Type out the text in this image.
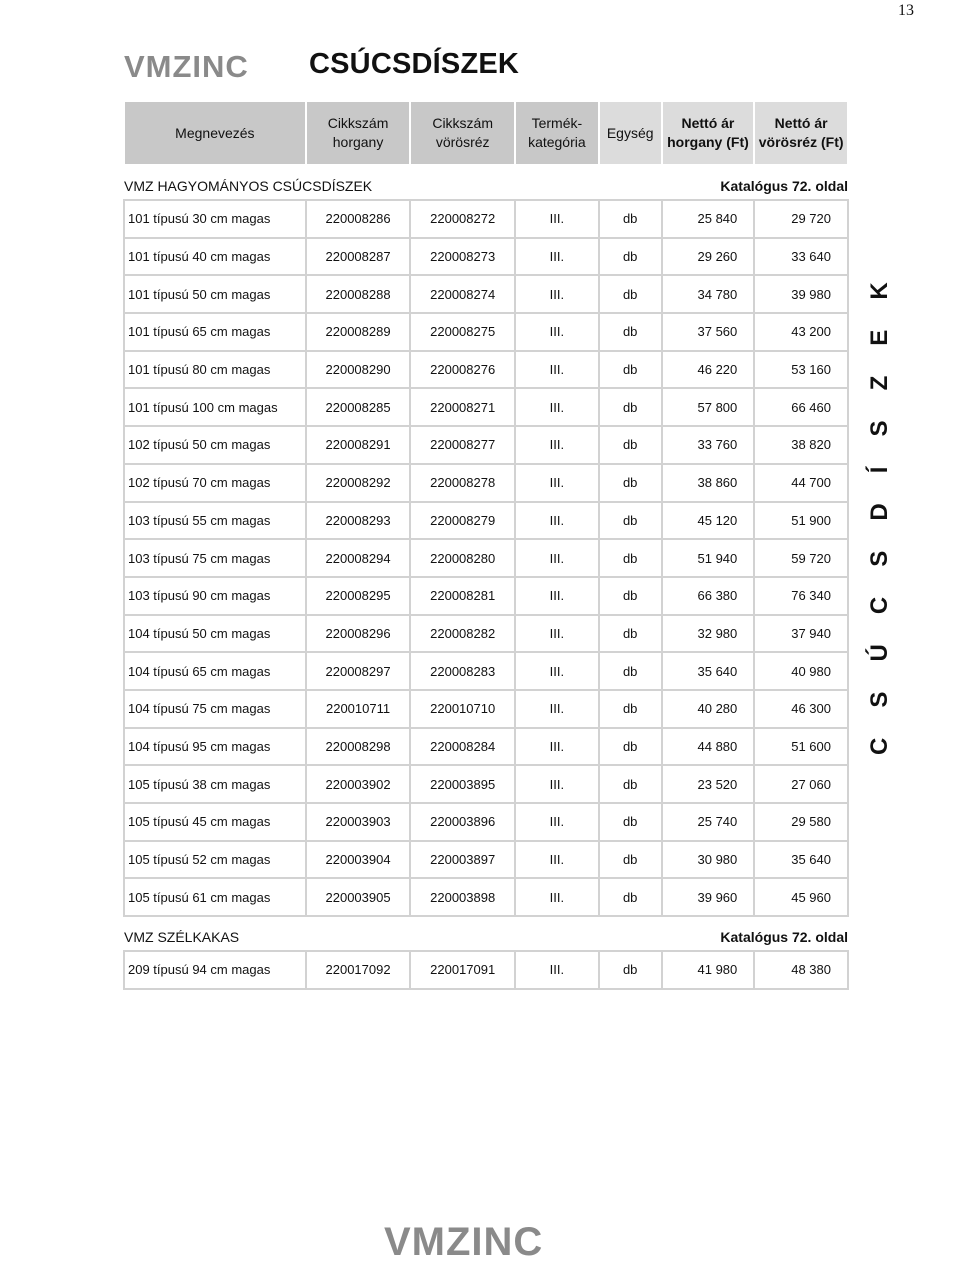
13
VMZINC CSÚCSDÍSZEK
Megnevezés	Cikkszám horgany	Cikkszám vörösréz	Termék-kategória	Egység	Nettó ár horgany (Ft)	Nettó ár vörösréz (Ft)
VMZ HAGYOMÁNYOS CSÚCSDÍSZEK				Katalógus 72. oldal		
101 típusú 30 cm magas	220008286	220008272	III.	db	25 840	29 720
101 típusú 40 cm magas	220008287	220008273	III.	db	29 260	33 640
101 típusú 50 cm magas	220008288	220008274	III.	db	34 780	39 980
101 típusú 65 cm magas	220008289	220008275	III.	db	37 560	43 200
101 típusú 80 cm magas	220008290	220008276	III.	db	46 220	53 160
101 típusú 100 cm magas	220008285	220008271	III.	db	57 800	66 460
102 típusú 50 cm magas	220008291	220008277	III.	db	33 760	38 820
102 típusú 70 cm magas	220008292	220008278	III.	db	38 860	44 700
103 típusú 55 cm magas	220008293	220008279	III.	db	45 120	51 900
103 típusú 75 cm magas	220008294	220008280	III.	db	51 940	59 720
103 típusú 90 cm magas	220008295	220008281	III.	db	66 380	76 340
104 típusú 50 cm magas	220008296	220008282	III.	db	32 980	37 940
104 típusú 65 cm magas	220008297	220008283	III.	db	35 640	40 980
104 típusú 75 cm magas	220010711	220010710	III.	db	40 280	46 300
104 típusú 95 cm magas	220008298	220008284	III.	db	44 880	51 600
105 típusú 38 cm magas	220003902	220003895	III.	db	23 520	27 060
105 típusú 45 cm magas	220003903	220003896	III.	db	25 740	29 580
105 típusú 52 cm magas	220003904	220003897	III.	db	30 980	35 640
105 típusú 61 cm magas	220003905	220003898	III.	db	39 960	45 960
VMZ SZÉLKAKAS				Katalógus 72. oldal		
209 típusú 94 cm magas	220017092	220017091	III.	db	41 980	48 380
C S Ú C S D Í S Z E K
VMZINC
